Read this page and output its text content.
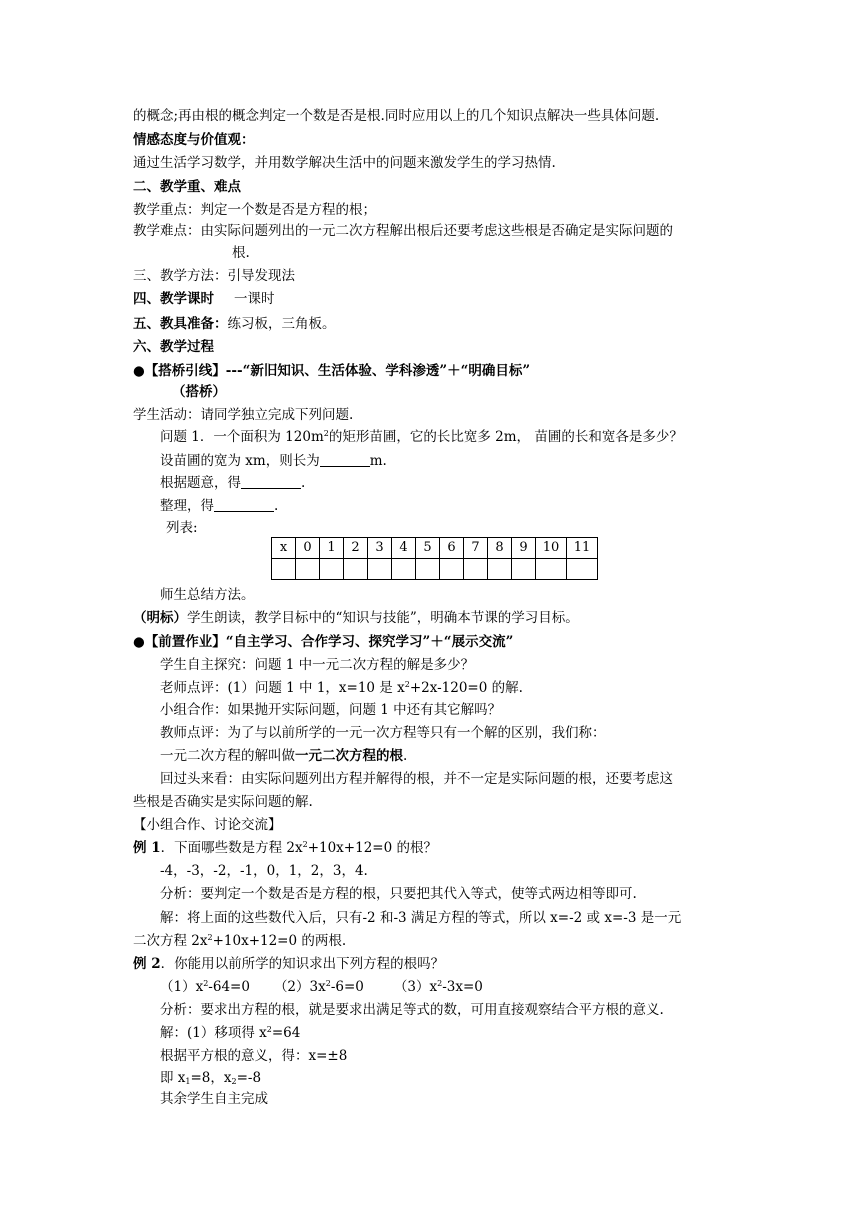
的概念;再由根的概念判定一个数是否是根.同时应用以上的几个知识点解决一些具体问题.
情感态度与价值观：
通过生活学习数学，并用数学解决生活中的问题来激发学生的学习热情.
二、教学重、难点
教学重点：判定一个数是否是方程的根；
教学难点：由实际问题列出的一元二次方程解出根后还要考虑这些根是否确定是实际问题的
根.
三、教学方法：引导发现法
四、教学课时 一课时
五、教具准备：练习板，三角板。
六、教学过程
●【搭桥引线】---“新旧知识、生活体验、学科渗透”＋“明确目标”
（搭桥）
学生活动：请同学独立完成下列问题.
问题 1．一个面积为 $120m^2$的矩形苗圃，它的长比宽多 2m， 苗圃的长和宽各是多少？
设苗圃的宽为 xm，则长为	m.
根据题意，得	.
整理，得	.
列表:
x	0	1	2	3	4	5	6	7	8	9	10	11

师生总结方法。
（明标）学生朗读，教学目标中的“知识与技能”，明确本节课的学习目标。
●【前置作业】“自主学习、合作学习、探究学习”＋“展示交流”
学生自主探究：问题 1 中一元二次方程的解是多少？
老师点评：(1）问题 1 中 1，x=10 是 $x^2+2x-120=0$ 的解.
小组合作：如果抛开实际问题，问题 1 中还有其它解吗？
教师点评：为了与以前所学的一元一次方程等只有一个解的区别，我们称：
一元二次方程的解叫做一元二次方程的根.
回过头来看：由实际问题列出方程并解得的根，并不一定是实际问题的根，还要考虑这
些根是否确实是实际问题的解.
【小组合作、讨论交流】
例 1．下面哪些数是方程 $2x^2+10x+12=0$ 的根？
-4，-3，-2，-1，0，1，2，3，4.
分析：要判定一个数是否是方程的根，只要把其代入等式，使等式两边相等即可.
解：将上面的这些数代入后，只有-2 和-3 满足方程的等式，所以 x=-2 或 x=-3 是一元
二次方程 $2x^2+10x+12=0$ 的两根.
例 2．你能用以前所学的知识求出下列方程的根吗？
$(1)x^2-64=0$ $(2)3x^2-6=0$ $(3)x^2-3x=0$
分析：要求出方程的根，就是要求出满足等式的数，可用直接观察结合平方根的意义.
解：(1）移项得 $x^2=64$
根据平方根的意义，得：x=±8
即 $x_1=8$，$x_2=-8$
其余学生自主完成
